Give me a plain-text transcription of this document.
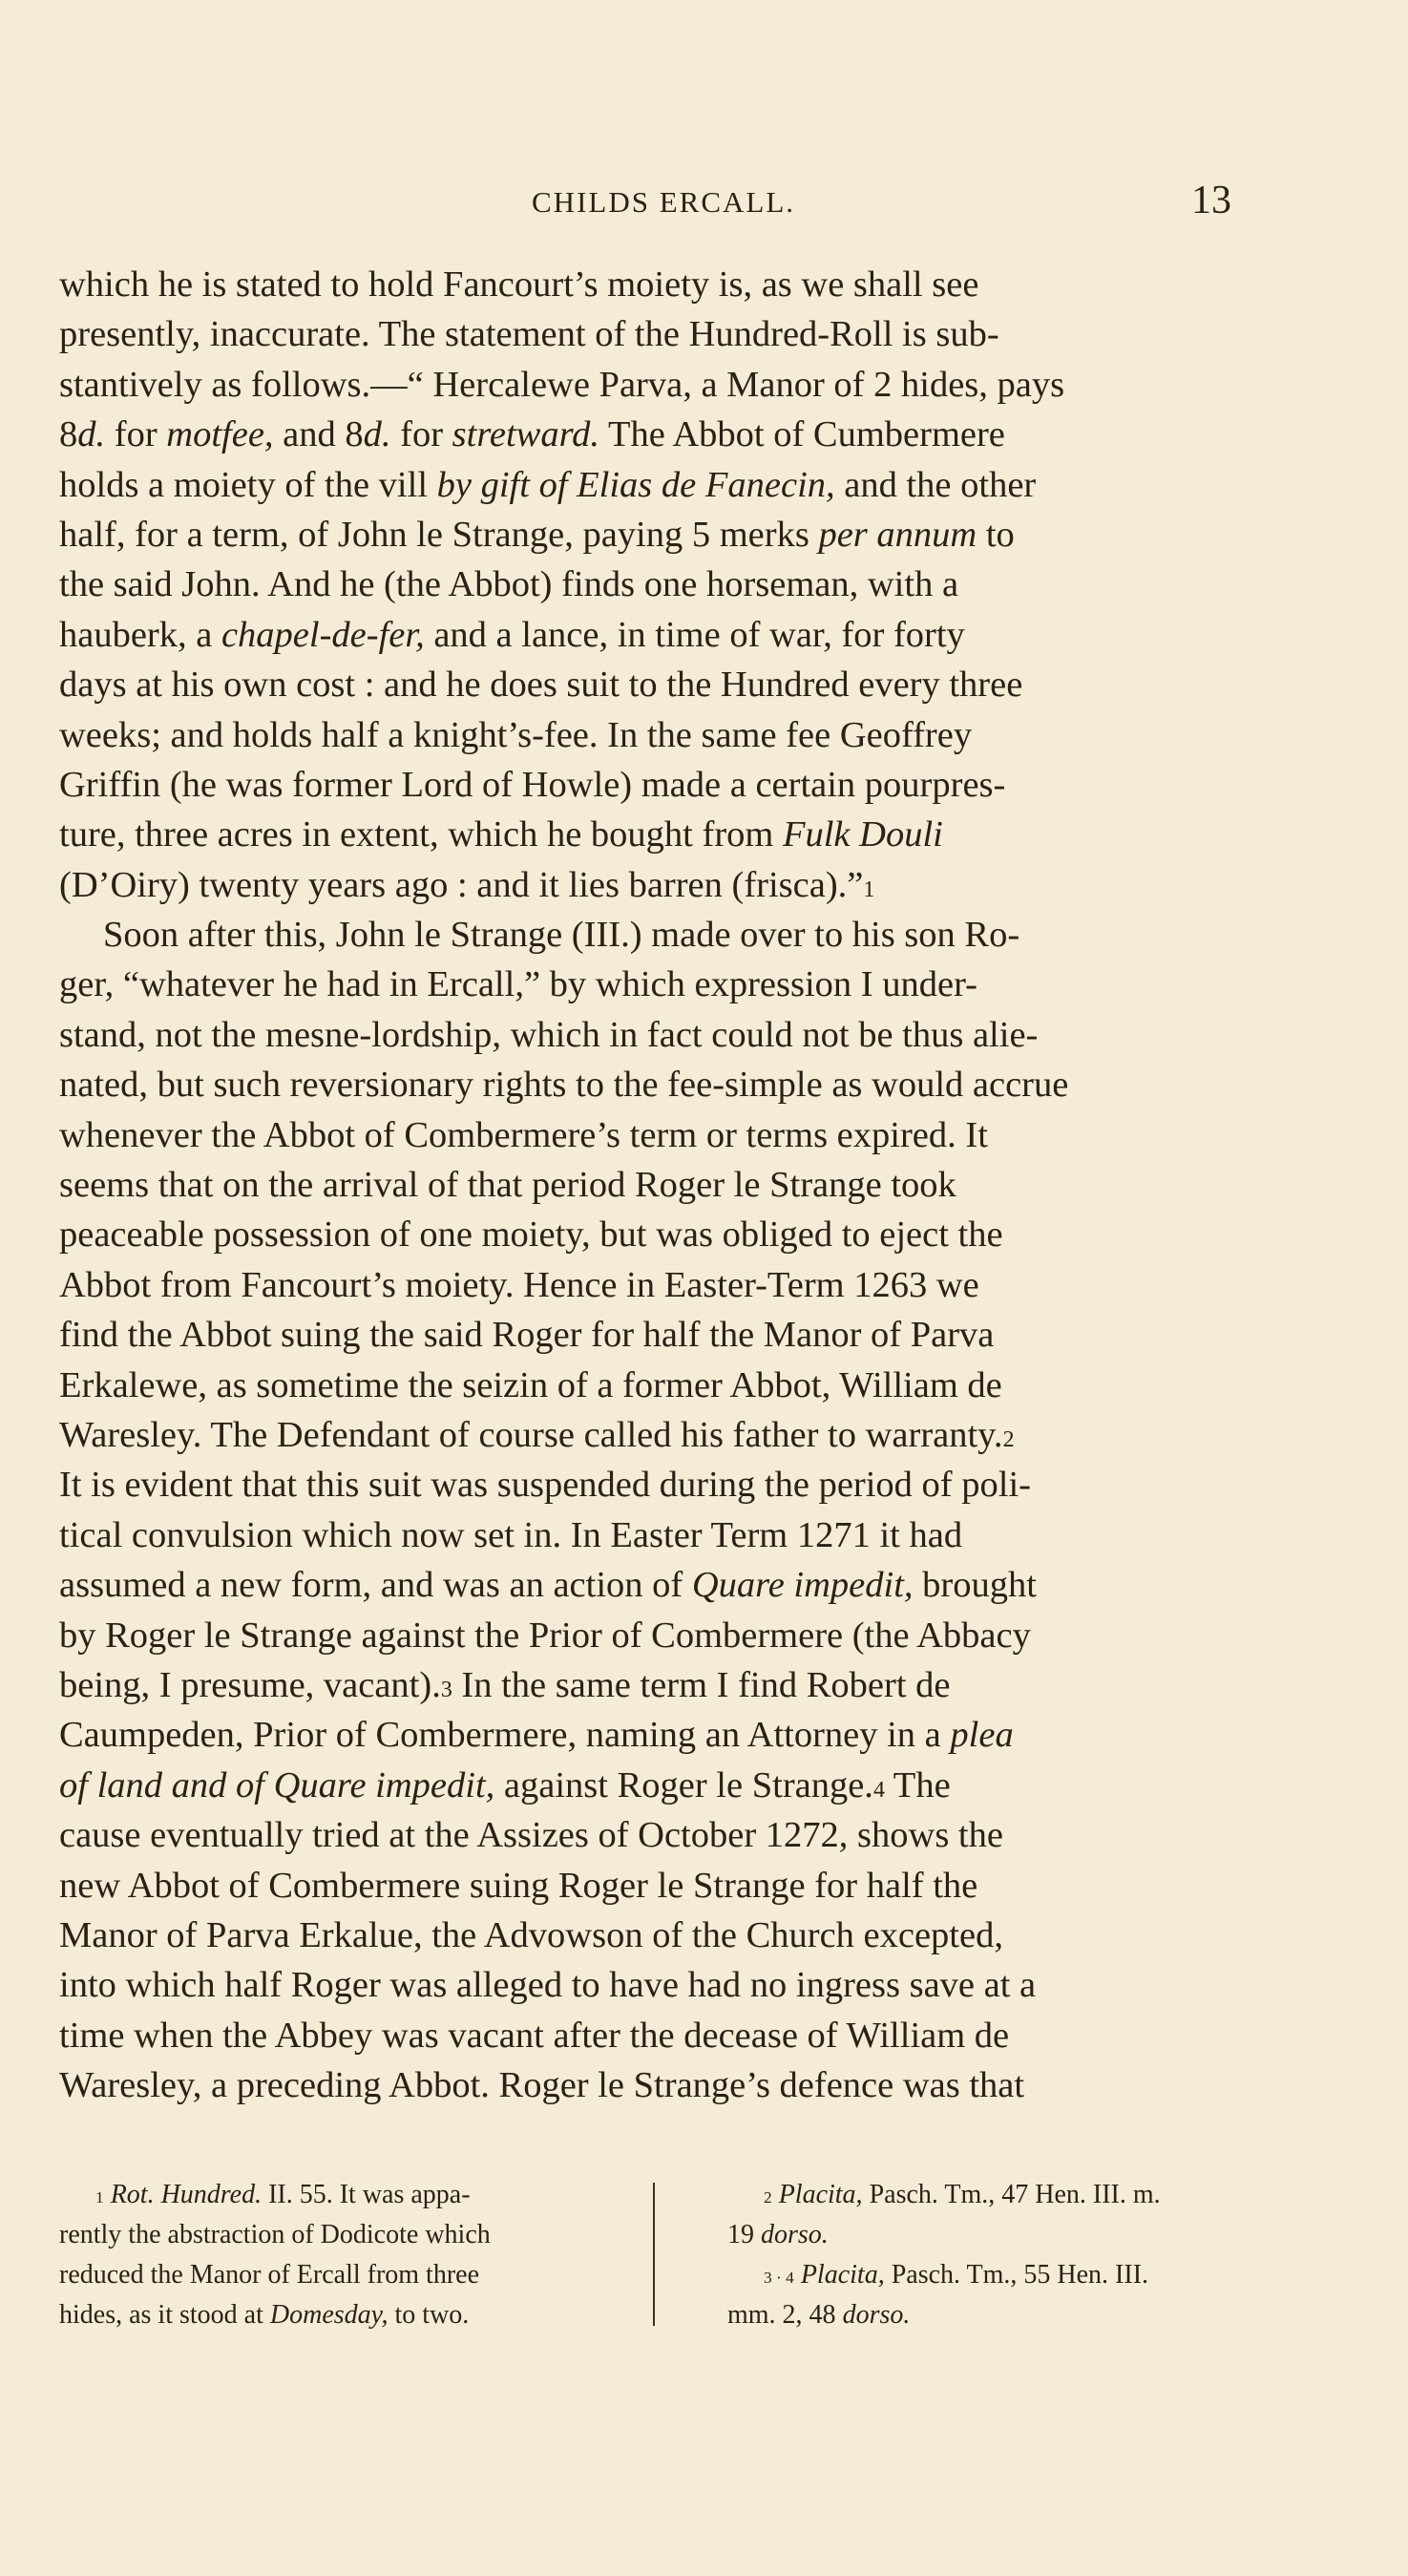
CHILDS ERCALL.	13
which he is stated to hold Fancourt’s moiety is, as we shall see
presently, inaccurate. The statement of the Hundred-Roll is sub-
stantively as follows.—“ Hercalewe Parva, a Manor of 2 hides, pays
8d. for motfee, and 8d. for stretward. The Abbot of Cumbermere
holds a moiety of the vill by gift of Elias de Fanecin, and the other
half, for a term, of John le Strange, paying 5 merks per annum to
the said John. And he (the Abbot) finds one horseman, with a
hauberk, a chapel-de-fer, and a lance, in time of war, for forty
days at his own cost : and he does suit to the Hundred every three
weeks; and holds half a knight’s-fee. In the same fee Geoffrey
Griffin (he was former Lord of Howle) made a certain pourpres-
ture, three acres in extent, which he bought from Fulk Douli
(D’Oiry) twenty years ago : and it lies barren (frisca).”$^1$
Soon after this, John le Strange (III.) made over to his son Ro-
ger, “whatever he had in Ercall,” by which expression I under-
stand, not the mesne-lordship, which in fact could not be thus alie-
nated, but such reversionary rights to the fee-simple as would accrue
whenever the Abbot of Combermere’s term or terms expired. It
seems that on the arrival of that period Roger le Strange took
peaceable possession of one moiety, but was obliged to eject the
Abbot from Fancourt’s moiety. Hence in Easter-Term 1263 we
find the Abbot suing the said Roger for half the Manor of Parva
Erkalewe, as sometime the seizin of a former Abbot, William de
Waresley. The Defendant of course called his father to warranty.$^2$
It is evident that this suit was suspended during the period of poli-
tical convulsion which now set in. In Easter Term 1271 it had
assumed a new form, and was an action of Quare impedit, brought
by Roger le Strange against the Prior of Combermere (the Abbacy
being, I presume, vacant).$^3$ In the same term I find Robert de
Caumpeden, Prior of Combermere, naming an Attorney in a plea
of land and of Quare impedit, against Roger le Strange.$^4$ The
cause eventually tried at the Assizes of October 1272, shows the
new Abbot of Combermere suing Roger le Strange for half the
Manor of Parva Erkalue, the Advowson of the Church excepted,
into which half Roger was alleged to have had no ingress save at a
time when the Abbey was vacant after the decease of William de
Waresley, a preceding Abbot. Roger le Strange’s defence was that
$^1$ Rot. Hundred. II. 55. It was appa-
rently the abstraction of Dodicote which
reduced the Manor of Ercall from three
hides, as it stood at Domesday, to two.
$^2$ Placita, Pasch. Tm., 47 Hen. III. m.
19 dorso.
$^{3 \cdot 4}$ Placita, Pasch. Tm., 55 Hen. III.
mm. 2, 48 dorso.
